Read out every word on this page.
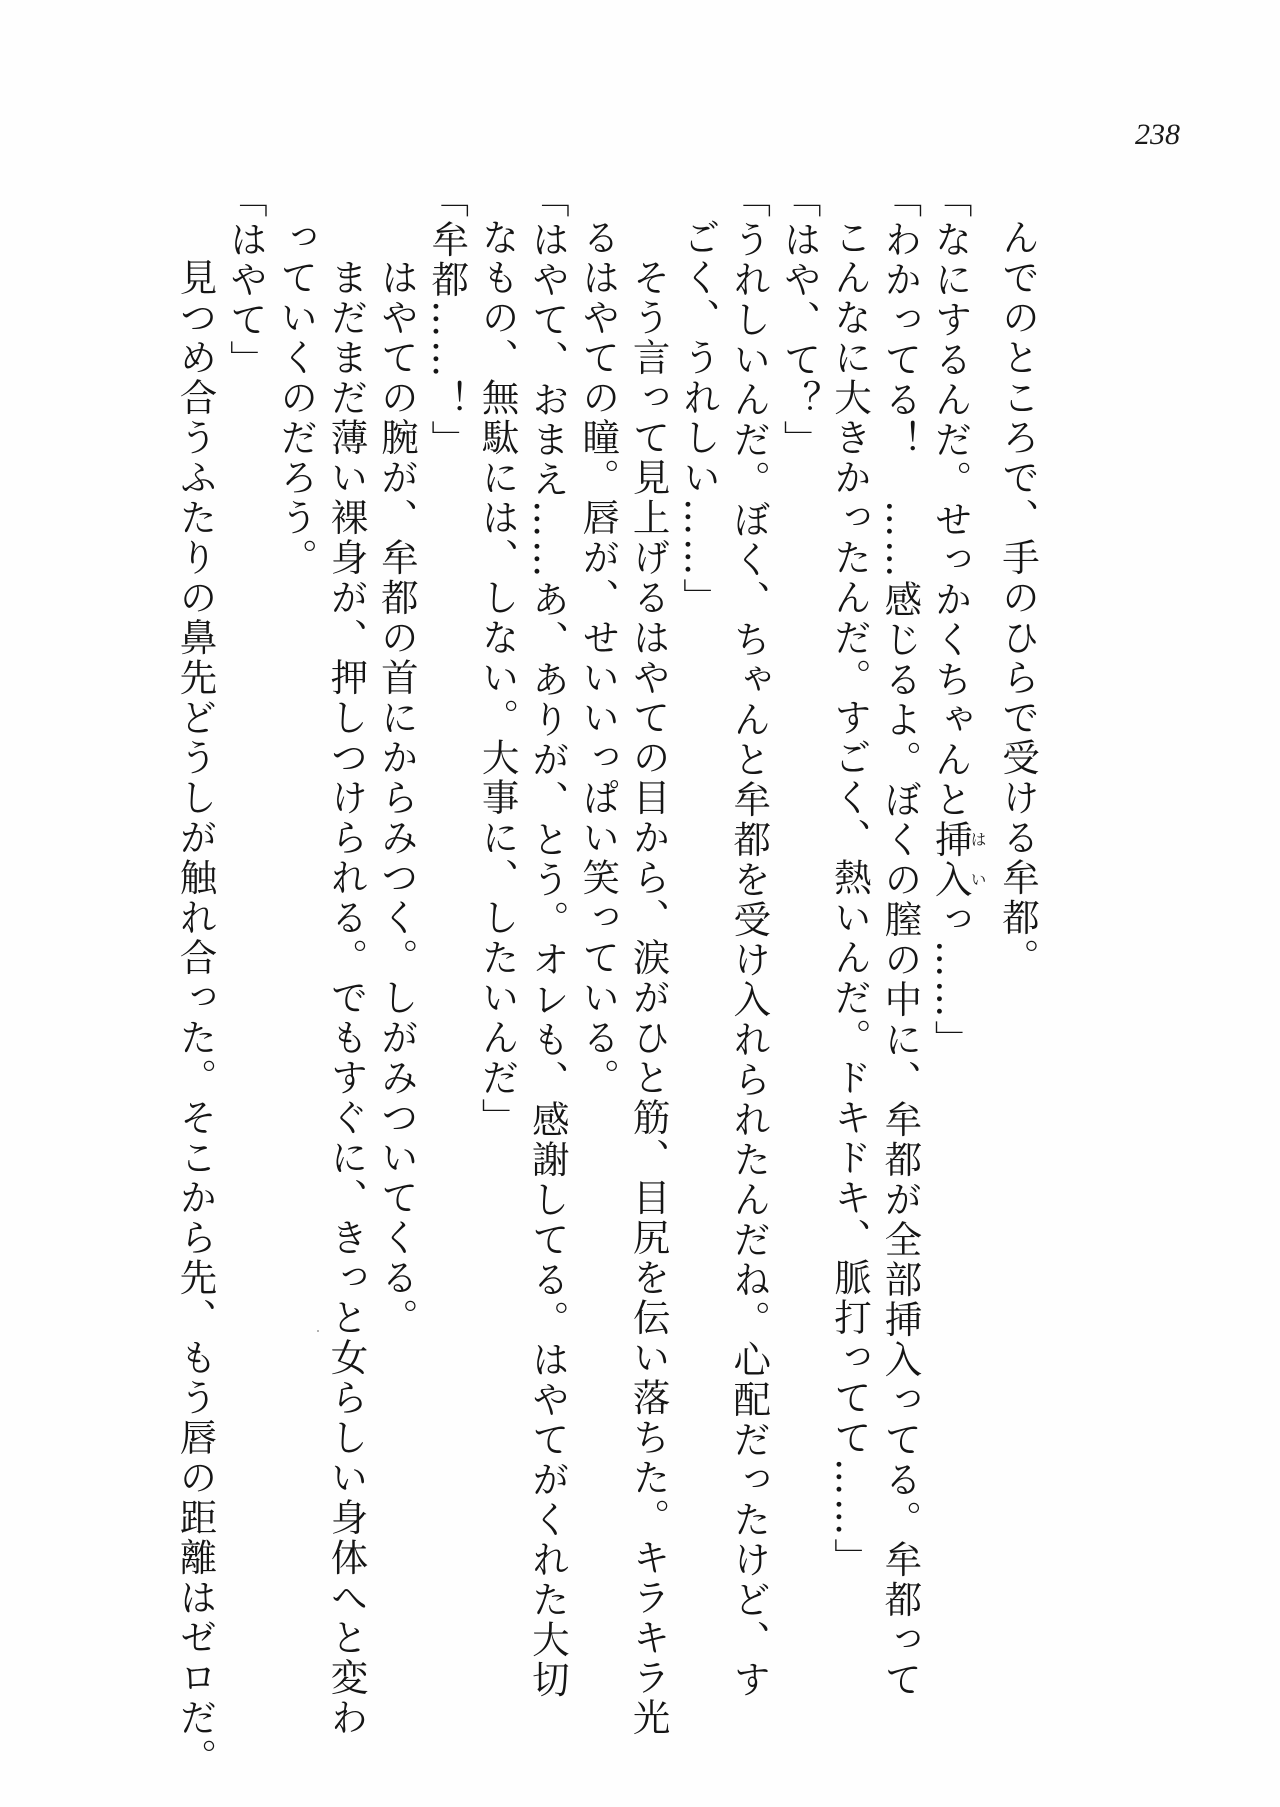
238
んでのところで、手のひらで受ける牟都。
「なにするんだ。せっかくちゃんと挿入はいっ……」
「わかってる！　……感じるよ。ぼくの膣の中に、牟都が全部挿入ってる。牟都って
こんなに大きかったんだ。すごく、熱いんだ。ドキドキ、脈打ってて……」
「はや、て？」
「うれしいんだ。ぼく、ちゃんと牟都を受け入れられたんだね。心配だったけど、す
ごく、うれしい……」
　そう言って見上げるはやての目から、涙がひと筋、目尻を伝い落ちた。キラキラ光
るはやての瞳。唇が、せいいっぱい笑っている。
「はやて、おまえ……あ、ありが、とう。オレも、感謝してる。はやてがくれた大切
なもの、無駄には、しない。大事に、したいんだ」
「牟都……！」
　はやての腕が、牟都の首にからみつく。しがみついてくる。
　まだまだ薄い裸身が、押しつけられる。でもすぐに、きっと女らしい身体へと変わ
っていくのだろう。
「はやて」
　見つめ合うふたりの鼻先どうしが触れ合った。そこから先、もう唇の距離はゼロだ。
